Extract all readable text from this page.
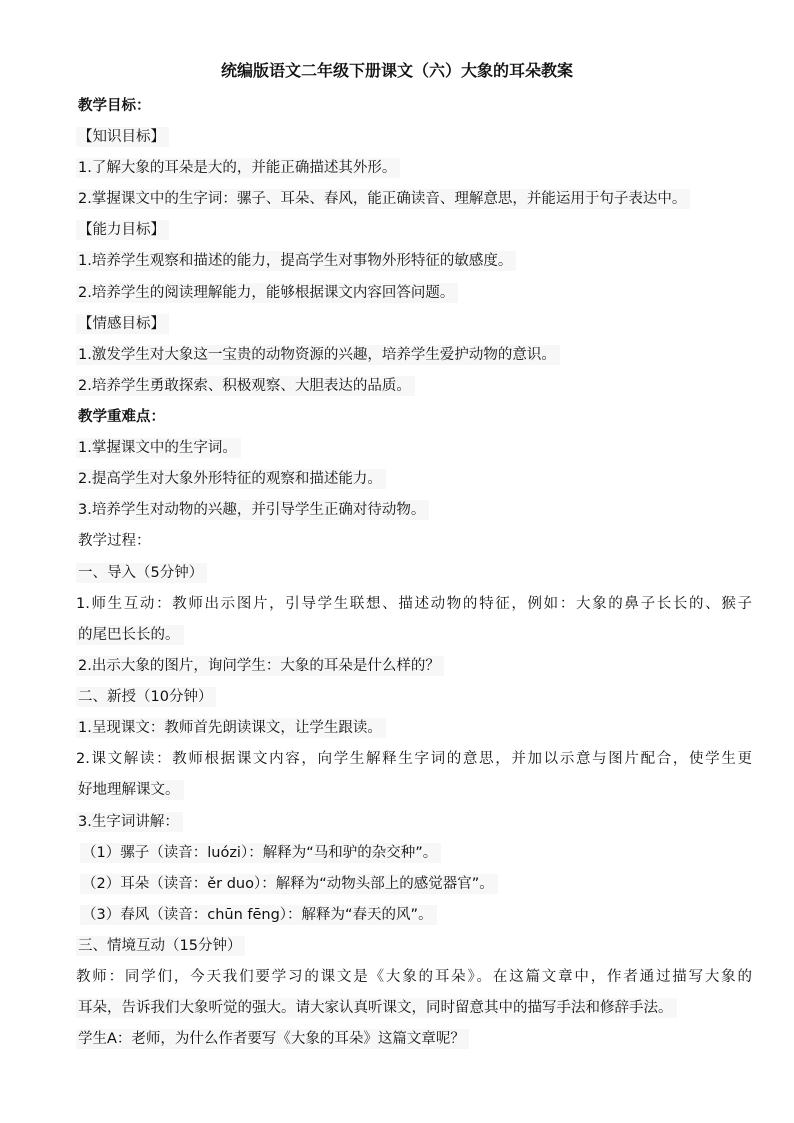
统编版语文二年级下册课文（六）大象的耳朵教案
教学目标：
【知识目标】
1.了解大象的耳朵是大的，并能正确描述其外形。
2.掌握课文中的生字词：骡子、耳朵、春风，能正确读音、理解意思，并能运用于句子表达中。
【能力目标】
1.培养学生观察和描述的能力，提高学生对事物外形特征的敏感度。
2.培养学生的阅读理解能力，能够根据课文内容回答问题。
【情感目标】
1.激发学生对大象这一宝贵的动物资源的兴趣，培养学生爱护动物的意识。
2.培养学生勇敢探索、积极观察、大胆表达的品质。
教学重难点：
1.掌握课文中的生字词。
2.提高学生对大象外形特征的观察和描述能力。
3.培养学生对动物的兴趣，并引导学生正确对待动物。
教学过程：
一、导入（5分钟）
1.师生互动：教师出示图片，引导学生联想、描述动物的特征，例如：大象的鼻子长长的、猴子
的尾巴长长的。
2.出示大象的图片，询问学生：大象的耳朵是什么样的？
二、新授（10分钟）
1.呈现课文：教师首先朗读课文，让学生跟读。
2.课文解读：教师根据课文内容，向学生解释生字词的意思，并加以示意与图片配合，使学生更
好地理解课文。
3.生字词讲解：
（1）骡子（读音：luózi）：解释为“马和驴的杂交种”。
（2）耳朵（读音：ěr duo）：解释为“动物头部上的感觉器官”。
（3）春风（读音：chūn fēng）：解释为“春天的风”。
三、情境互动（15分钟）
教师：同学们，今天我们要学习的课文是《大象的耳朵》。在这篇文章中，作者通过描写大象的
耳朵，告诉我们大象听觉的强大。请大家认真听课文，同时留意其中的描写手法和修辞手法。
学生A：老师，为什么作者要写《大象的耳朵》这篇文章呢？
